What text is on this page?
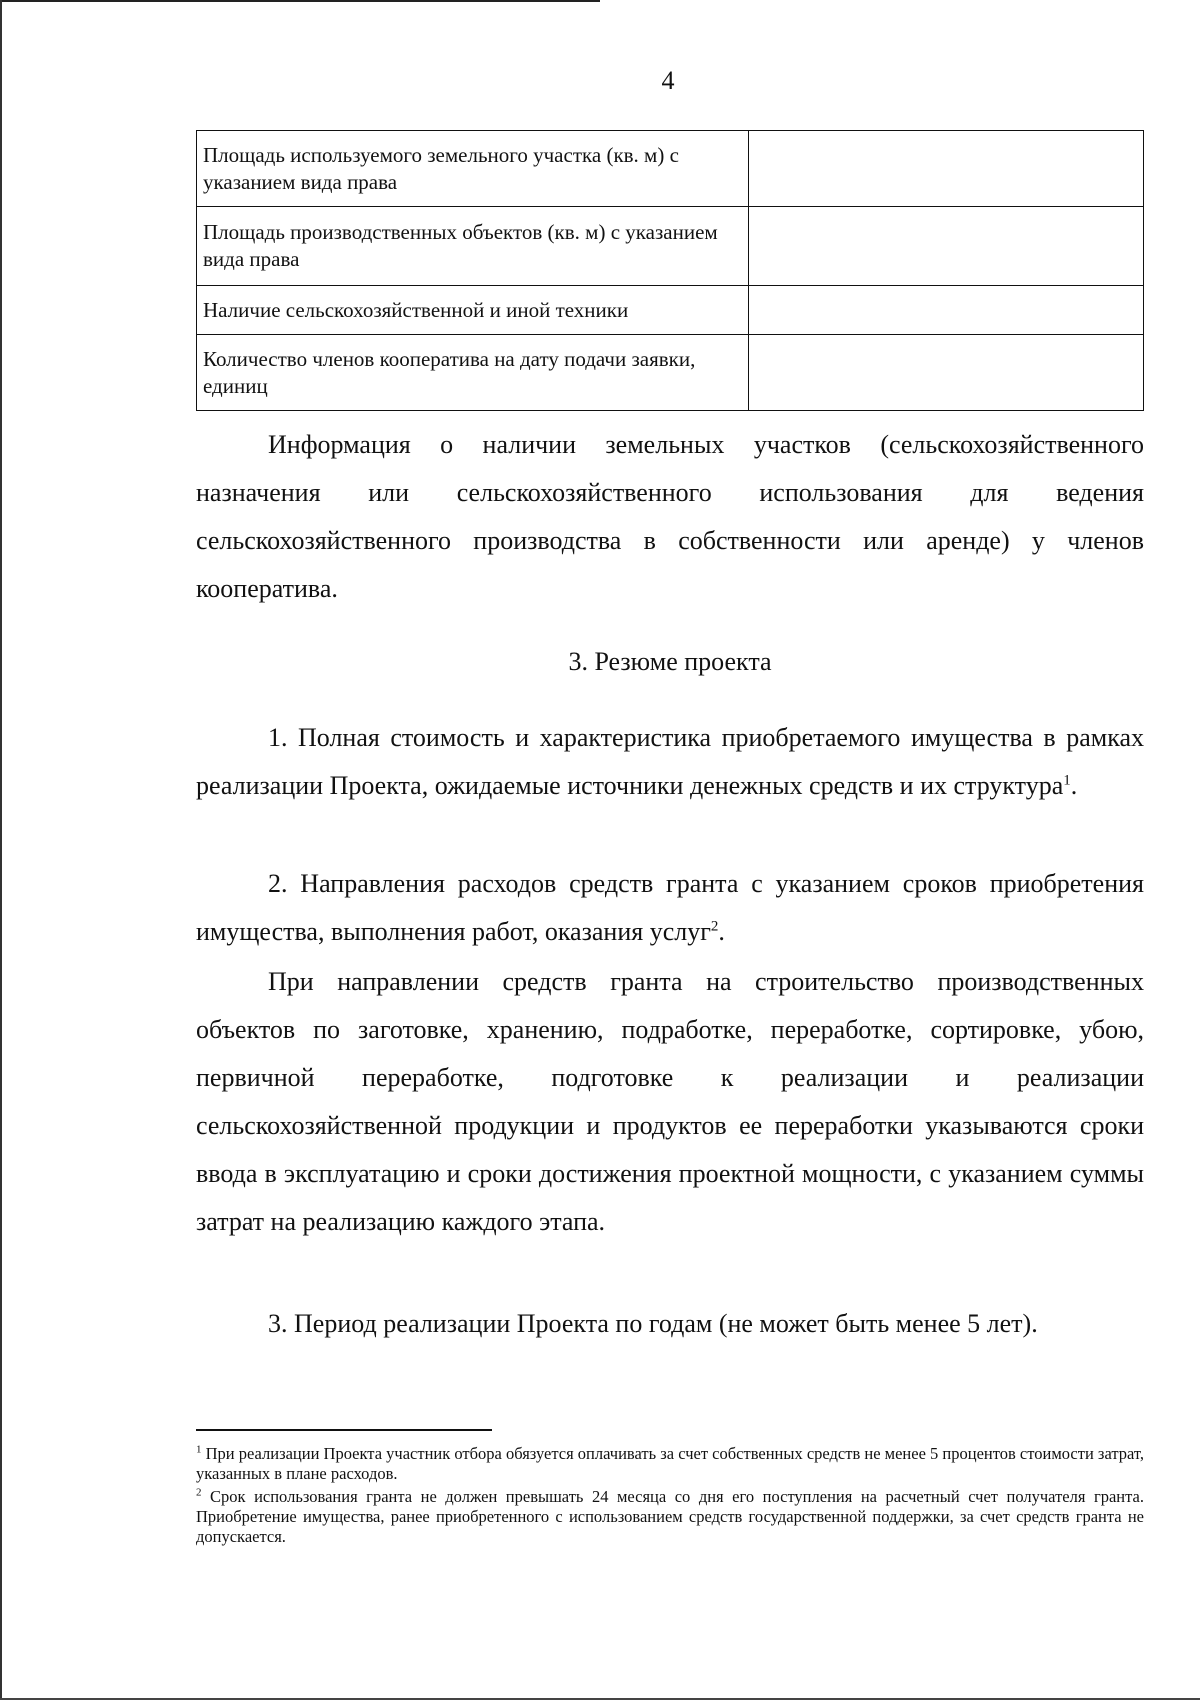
4
Площадь используемого земельного участка (кв. м) с указанием вида права	
Площадь производственных объектов (кв. м) с указанием вида права	
Наличие сельскохозяйственной и иной техники	
Количество членов кооператива на дату подачи заявки, единиц	

Информация о наличии земельных участков (сельскохозяйственного назначения или сельскохозяйственного использования для ведения сельскохозяйственного производства в собственности или аренде) у членов кооператива.

3. Резюме проекта

1. Полная стоимость и характеристика приобретаемого имущества в рамках реализации Проекта, ожидаемые источники денежных средств и их структура$^1$.

2. Направления расходов средств гранта с указанием сроков приобретения имущества, выполнения работ, оказания услуг$^2$.

При направлении средств гранта на строительство производственных объектов по заготовке, хранению, подработке, переработке, сортировке, убою, первичной переработке, подготовке к реализации и реализации сельскохозяйственной продукции и продуктов ее переработки указываются сроки ввода в эксплуатацию и сроки достижения проектной мощности, с указанием суммы затрат на реализацию каждого этапа.

3. Период реализации Проекта по годам (не может быть менее 5 лет).

$^1$ При реализации Проекта участник отбора обязуется оплачивать за счет собственных средств не менее 5 процентов стоимости затрат, указанных в плане расходов.

$^2$ Срок использования гранта не должен превышать 24 месяца со дня его поступления на расчетный счет получателя гранта. Приобретение имущества, ранее приобретенного с использованием средств государственной поддержки, за счет средств гранта не допускается.
